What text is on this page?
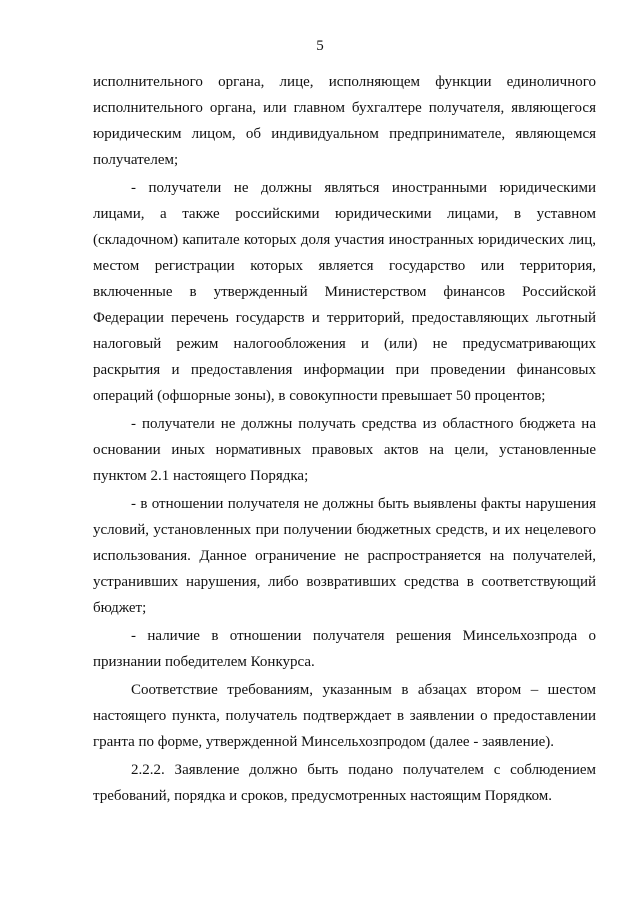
5

исполнительного органа, лице, исполняющем функции единоличного исполнительного органа, или главном бухгалтере получателя, являющегося юридическим лицом, об индивидуальном предпринимателе, являющемся получателем;

- получатели не должны являться иностранными юридическими лицами, а также российскими юридическими лицами, в уставном (складочном) капитале которых доля участия иностранных юридических лиц, местом регистрации которых является государство или территория, включенные в утвержденный Министерством финансов Российской Федерации перечень государств и территорий, предоставляющих льготный налоговый режим налогообложения и (или) не предусматривающих раскрытия и предоставления информации при проведении финансовых операций (офшорные зоны), в совокупности превышает 50 процентов;

- получатели не должны получать средства из областного бюджета на основании иных нормативных правовых актов на цели, установленные пунктом 2.1 настоящего Порядка;

- в отношении получателя не должны быть выявлены факты нарушения условий, установленных при получении бюджетных средств, и их нецелевого использования. Данное ограничение не распространяется на получателей, устранивших нарушения, либо возвративших средства в соответствующий бюджет;

- наличие в отношении получателя решения Минсельхозпрода о признании победителем Конкурса.

Соответствие требованиям, указанным в абзацах втором – шестом настоящего пункта, получатель подтверждает в заявлении о предоставлении гранта по форме, утвержденной Минсельхозпродом (далее - заявление).

2.2.2. Заявление должно быть подано получателем с соблюдением требований, порядка и сроков, предусмотренных настоящим Порядком.
